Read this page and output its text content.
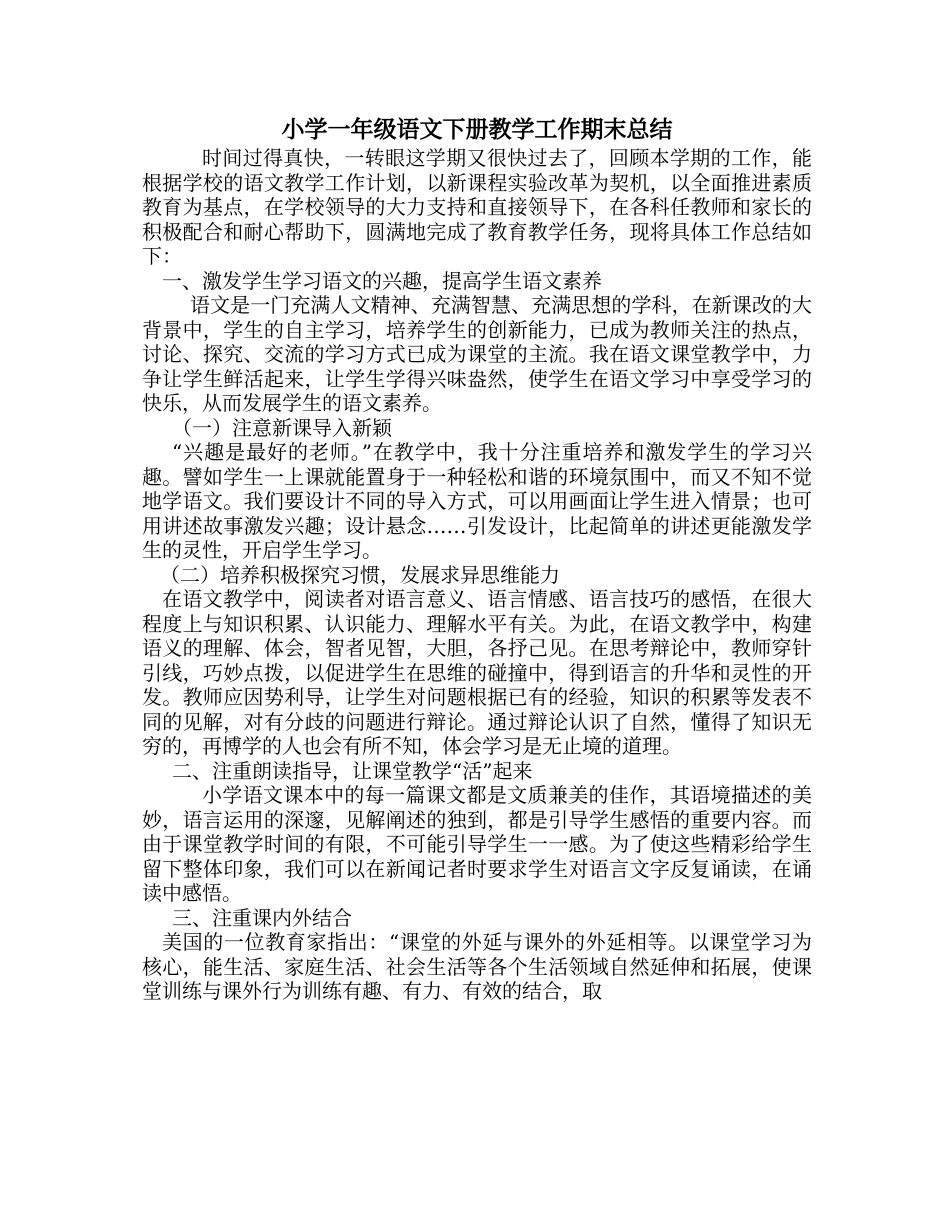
小学一年级语文下册教学工作期末总结

时间过得真快，一转眼这学期又很快过去了，回顾本学期的工作，能根据学校的语文教学工作计划，以新课程实验改革为契机，以全面推进素质教育为基点，在学校领导的大力支持和直接领导下，在各科任教师和家长的积极配合和耐心帮助下，圆满地完成了教育教学任务，现将具体工作总结如下：

一、激发学生学习语文的兴趣，提高学生语文素养

语文是一门充满人文精神、充满智慧、充满思想的学科，在新课改的大背景中，学生的自主学习，培养学生的创新能力，已成为教师关注的热点，讨论、探究、交流的学习方式已成为课堂的主流。我在语文课堂教学中，力争让学生鲜活起来，让学生学得兴味盎然，使学生在语文学习中享受学习的快乐，从而发展学生的语文素养。

（一）注意新课导入新颖

“兴趣是最好的老师。”在教学中，我十分注重培养和激发学生的学习兴趣。譬如学生一上课就能置身于一种轻松和谐的环境氛围中，而又不知不觉地学语文。我们要设计不同的导入方式，可以用画面让学生进入情景；也可用讲述故事激发兴趣；设计悬念……引发设计，比起简单的讲述更能激发学生的灵性，开启学生学习。

（二）培养积极探究习惯，发展求异思维能力

在语文教学中，阅读者对语言意义、语言情感、语言技巧的感悟，在很大程度上与知识积累、认识能力、理解水平有关。为此，在语文教学中，构建语义的理解、体会，智者见智，大胆，各抒己见。在思考辩论中，教师穿针引线，巧妙点拨，以促进学生在思维的碰撞中，得到语言的升华和灵性的开发。教师应因势利导，让学生对问题根据已有的经验，知识的积累等发表不同的见解，对有分歧的问题进行辩论。通过辩论认识了自然，懂得了知识无穷的，再博学的人也会有所不知，体会学习是无止境的道理。

二、注重朗读指导，让课堂教学“活”起来

小学语文课本中的每一篇课文都是文质兼美的佳作，其语境描述的美妙，语言运用的深邃，见解阐述的独到，都是引导学生感悟的重要内容。而由于课堂教学时间的有限，不可能引导学生一一感。为了使这些精彩给学生留下整体印象，我们可以在新闻记者时要求学生对语言文字反复诵读，在诵读中感悟。

三、注重课内外结合

美国的一位教育家指出：“课堂的外延与课外的外延相等。以课堂学习为核心，能生活、家庭生活、社会生活等各个生活领域自然延伸和拓展，使课堂训练与课外行为训练有趣、有力、有效的结合，取
